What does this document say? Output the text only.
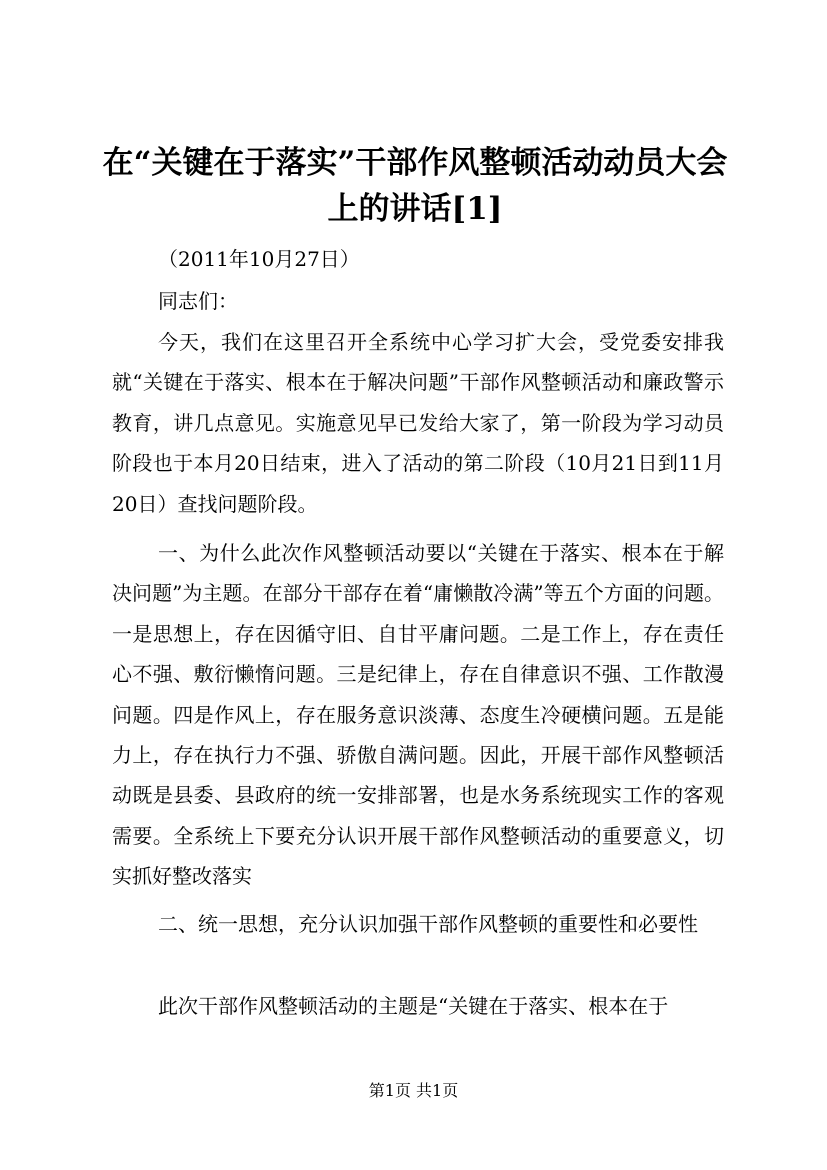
在“关键在于落实”干部作风整顿活动动员大会上的讲话[1]

（2011年10月27日）

同志们：

今天，我们在这里召开全系统中心学习扩大会，受党委安排我就“关键在于落实、根本在于解决问题”干部作风整顿活动和廉政警示教育，讲几点意见。实施意见早已发给大家了，第一阶段为学习动员阶段也于本月20日结束，进入了活动的第二阶段（10月21日到11月20日）查找问题阶段。

一、为什么此次作风整顿活动要以“关键在于落实、根本在于解决问题”为主题。在部分干部存在着“庸懒散冷满”等五个方面的问题。一是思想上，存在因循守旧、自甘平庸问题。二是工作上，存在责任心不强、敷衍懒惰问题。三是纪律上，存在自律意识不强、工作散漫问题。四是作风上，存在服务意识淡薄、态度生冷硬横问题。五是能力上，存在执行力不强、骄傲自满问题。因此，开展干部作风整顿活动既是县委、县政府的统一安排部署，也是水务系统现实工作的客观需要。全系统上下要充分认识开展干部作风整顿活动的重要意义，切实抓好整改落实

二、统一思想，充分认识加强干部作风整顿的重要性和必要性

此次干部作风整顿活动的主题是“关键在于落实、根本在于

第1页 共1页
